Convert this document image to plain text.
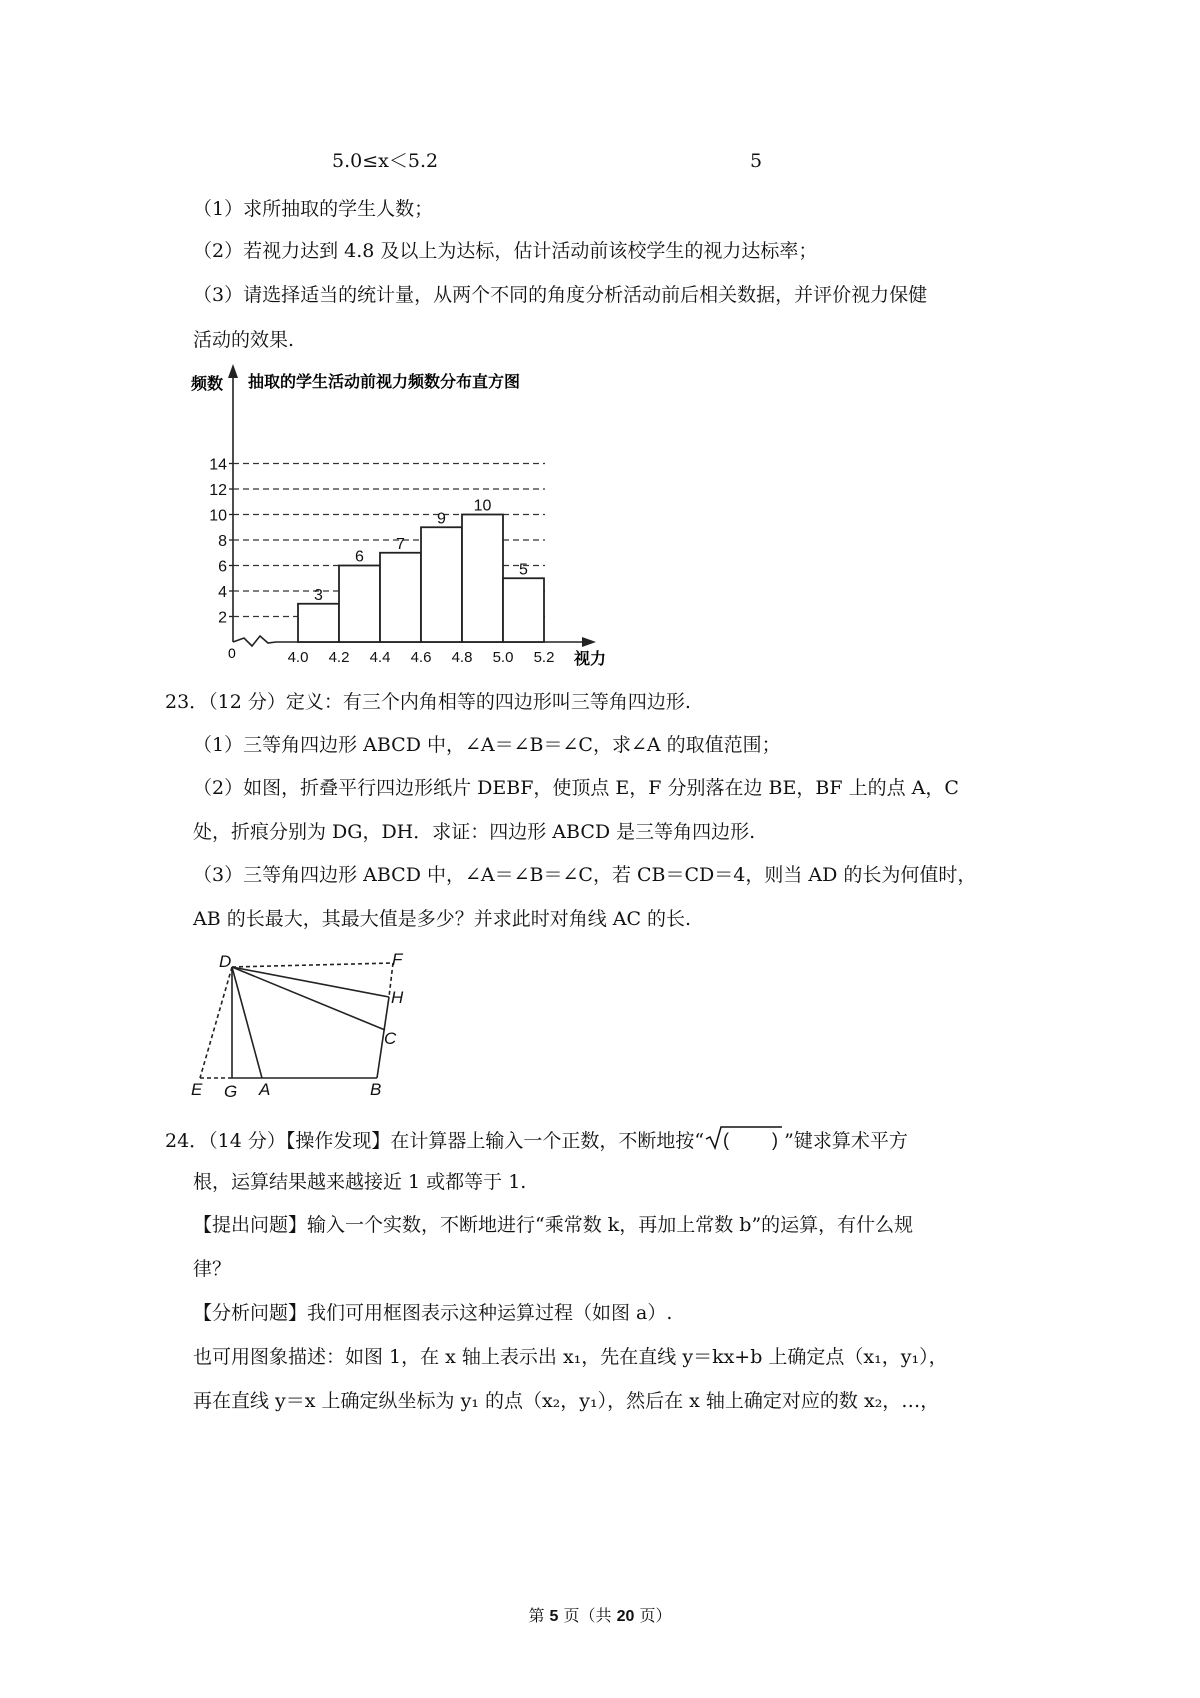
5.0≤x＜5.2	5
（1）求所抽取的学生人数；
（2）若视力达到 4.8 及以上为达标，估计活动前该校学生的视力达标率；
（3）请选择适当的统计量，从两个不同的角度分析活动前后相关数据，并评价视力保健
活动的效果.
2
4
6
8
10
12
14
4.0 4.2 4.4 4.6 4.8 5.0 5.2
3
6
7
9
10
5
抽取的学生活动前视力频数分布直方图
频数
视力
0
23．（12 分）定义：有三个内角相等的四边形叫三等角四边形.
（1）三等角四边形 ABCD 中，∠A＝∠B＝∠C，求∠A 的取值范围；
（2）如图，折叠平行四边形纸片 DEBF，使顶点 E，F 分别落在边 BE，BF 上的点 A，C
处，折痕分别为 DG，DH．求证：四边形 ABCD 是三等角四边形.
（3）三等角四边形 ABCD 中，∠A＝∠B＝∠C，若 CB＝CD＝4，则当 AD 的长为何值时，
AB 的长最大，其最大值是多少？并求此时对角线 AC 的长.
D	F
H
C
E G A	B
24．（14 分）【操作发现】在计算器上输入一个正数，不断地按“ ( ) ”键求算术平方
根，运算结果越来越接近 1 或都等于 1.
【提出问题】输入一个实数，不断地进行“乘常数 k，再加上常数 b”的运算，有什么规
律？
【分析问题】我们可用框图表示这种运算过程（如图 a）.
也可用图象描述：如图 1，在 x 轴上表示出 x₁，先在直线 y＝kx+b 上确定点（x₁，y₁），
再在直线 y＝x 上确定纵坐标为 y₁ 的点（x₂，y₁），然后在 x 轴上确定对应的数 x₂，…，
第 5 页（共 20 页）
